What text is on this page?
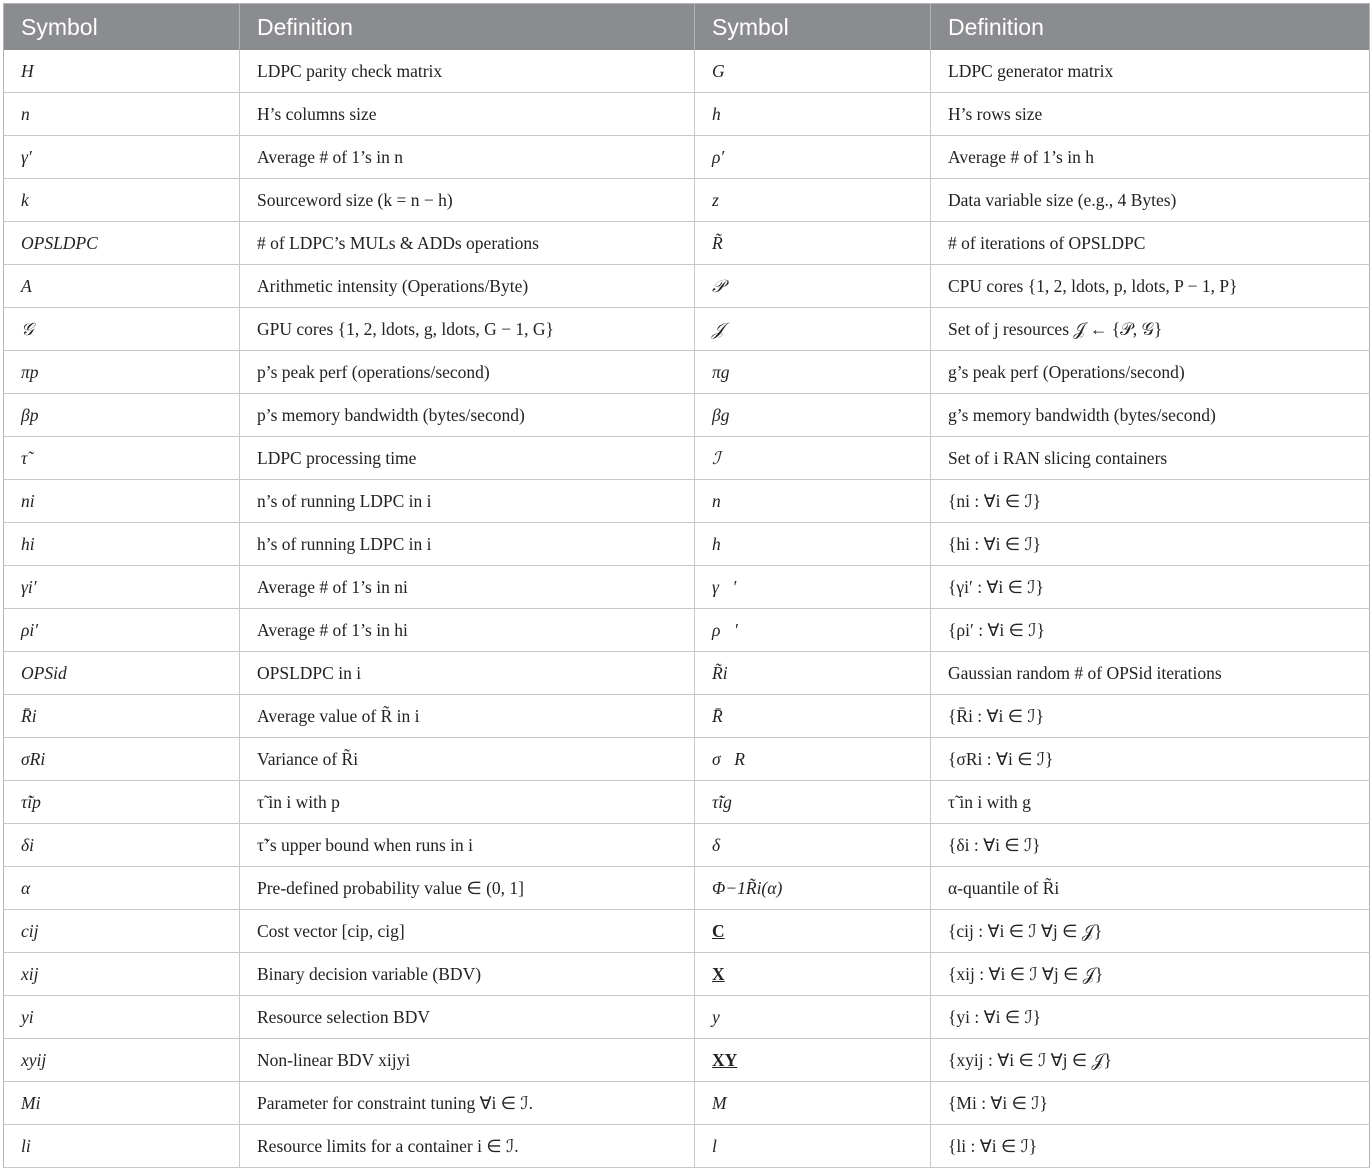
Symbol	Definition	Symbol	Definition
H	LDPC parity check matrix	G	LDPC generator matrix
n	H’s columns size	h	H’s rows size
γ′	Average # of 1’s in n	ρ′	Average # of 1’s in h
k	Sourceword size (k = n − h)	z	Data variable size (e.g., 4 Bytes)
OPSLDPC	# of LDPC’s MULs & ADDs operations	R̃	# of iterations of OPSLDPC
A	Arithmetic intensity (Operations/Byte)	𝒫	CPU cores {1, 2, ldots, p, ldots, P − 1, P}
𝒢	GPU cores {1, 2, ldots, g, ldots, G − 1, G}	𝒥	Set of j resources 𝒥 ← {𝒫, 𝒢}
πp	p’s peak perf (operations/second)	πg	g’s peak perf (Operations/second)
βp	p’s memory bandwidth (bytes/second)	βg	g’s memory bandwidth (bytes/second)
τ̃	LDPC processing time	ℐ	Set of i RAN slicing containers
ni	n’s of running LDPC in i	n⃗	{ni : ∀i ∈ ℐ}
hi	h’s of running LDPC in i	h⃗	{hi : ∀i ∈ ℐ}
γi′	Average # of 1’s in ni	γ⃗′	{γi′ : ∀i ∈ ℐ}
ρi′	Average # of 1’s in hi	ρ⃗′	{ρi′ : ∀i ∈ ℐ}
OPSid	OPSLDPC in i	R̃i	Gaussian random # of OPSid iterations
R̄i	Average value of R̃ in i	R̄⃗	{R̄i : ∀i ∈ ℐ}
σRi	Variance of R̃i	σ⃗R	{σRi : ∀i ∈ ℐ}
τ̃ip	τ̃ in i with p	τ̃ig	τ̃ in i with g
δi	τ̃’s upper bound when runs in i	δ⃗	{δi : ∀i ∈ ℐ}
α	Pre-defined probability value ∈ (0, 1]	Φ−1R̃i(α)	α-quantile of R̃i
cij	Cost vector [cip, cig]	C	{cij : ∀i ∈ ℐ ∀j ∈ 𝒥}
xij	Binary decision variable (BDV)	X	{xij : ∀i ∈ ℐ ∀j ∈ 𝒥}
yi	Resource selection BDV	y⃗	{yi : ∀i ∈ ℐ}
xyij	Non-linear BDV xijyi	XY	{xyij : ∀i ∈ ℐ ∀j ∈ 𝒥}
Mi	Parameter for constraint tuning ∀i ∈ ℐ.	M⃗	{Mi : ∀i ∈ ℐ}
li	Resource limits for a container i ∈ ℐ.	l⃗	{li : ∀i ∈ ℐ}
